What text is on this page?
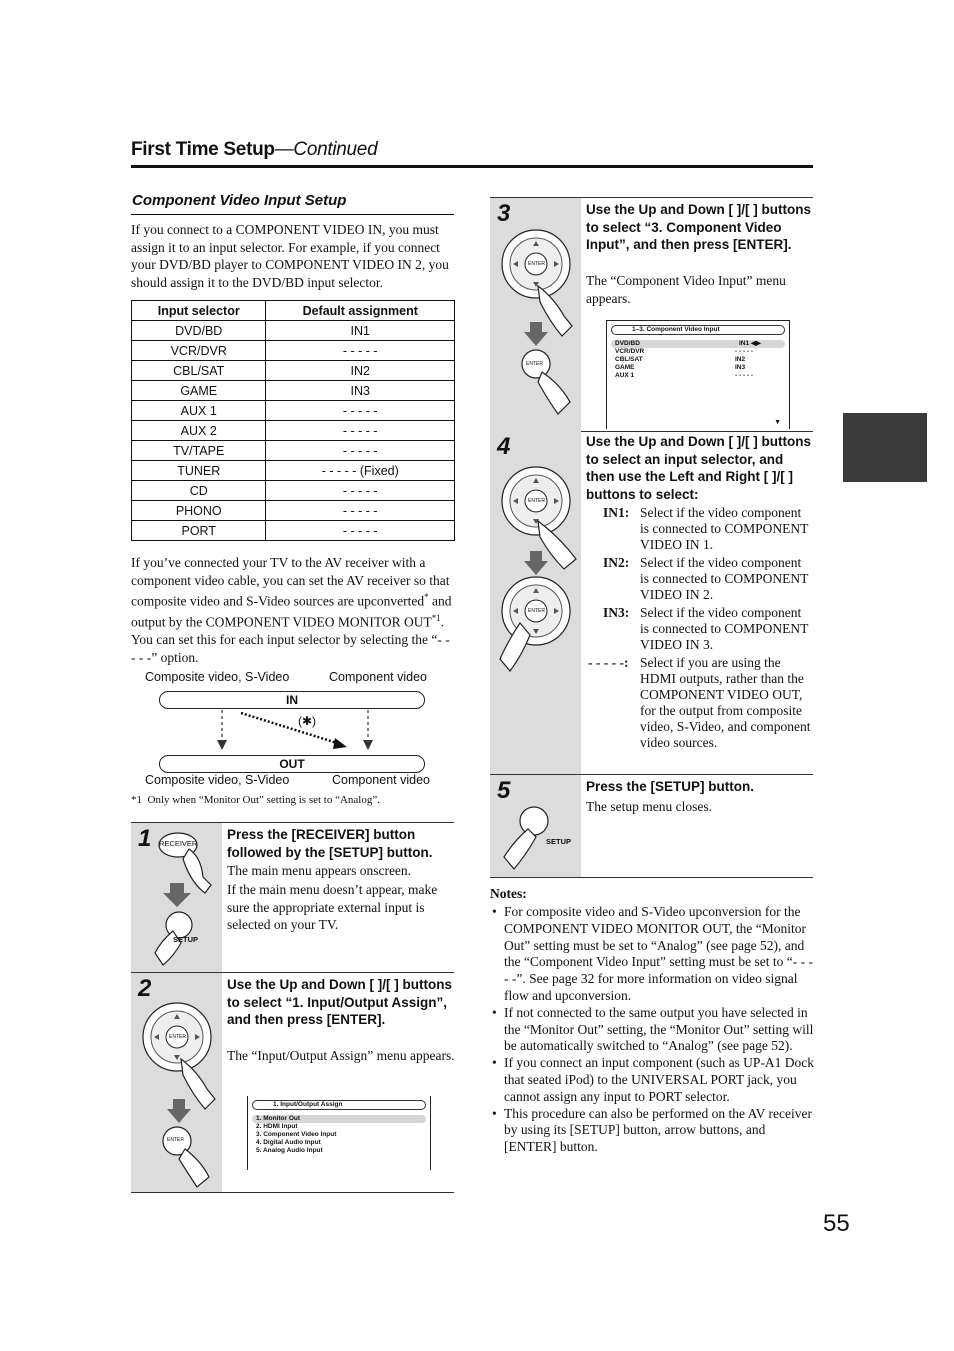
First Time Setup—Continued
55
Component Video Input Setup
If you connect to a COMPONENT VIDEO IN, you must assign it to an input selector. For example, if you connect your DVD/BD player to COMPONENT VIDEO IN 2, you should assign it to the DVD/BD input selector.
Input selector	Default assignment
DVD/BD	IN1
VCR/DVR	- - - - -
CBL/SAT	IN2
GAME	IN3
AUX 1	- - - - -
AUX 2	- - - - -
TV/TAPE	- - - - -
TUNER	- - - - - (Fixed)
CD	- - - - -
PHONO	- - - - -
PORT	- - - - -
If you’ve connected your TV to the AV receiver with a component video cable, you can set the AV receiver so that composite video and S-Video sources are upconverted* and output by the COMPONENT VIDEO MONITOR OUT$^{*1}$. You can set this for each input selector by selecting the “- - - - -” option.
Composite video, S-Video	Component video
IN
(✱)
OUT
Composite video, S-Video	Component video
*1 Only when “Monitor Out” setting is set to “Analog”.
1 RECEIVER
SETUP
Press the [RECEIVER] button followed by the [SETUP] button.
The main menu appears onscreen.
If the main menu doesn’t appear, make sure the appropriate external input is selected on your TV.
2
ENTER
ENTER
Use the Up and Down [ ]/[ ] buttons to select “1. Input/Output Assign”, and then press [ENTER].
The “Input/Output Assign” menu appears.
1. Input/Output Assign
1. Monitor Out
2. HDMI Input
3. Component Video Input
4. Digital Audio Input
5. Analog Audio Input
3
ENTER
ENTER
Use the Up and Down [ ]/[ ] buttons to select “3. Component Video Input”, and then press [ENTER].
The “Component Video Input” menu appears.
1–3. Component Video Input
DVD/BD	IN1 ◀▶
VCR/DVR	- - - - -
CBL/SAT	IN2
GAME	IN3
AUX 1	- - - - -
▼
4
ENTER
ENTER
Use the Up and Down [ ]/[ ] buttons to select an input selector, and then use the Left and Right [ ]/[ ] buttons to select:
IN1: Select if the video component is connected to COMPONENT VIDEO IN 1.
IN2: Select if the video component is connected to COMPONENT VIDEO IN 2.
IN3: Select if the video component is connected to COMPONENT VIDEO IN 3.
- - - - -: Select if you are using the HDMI outputs, rather than the COMPONENT VIDEO OUT, for the output from composite video, S-Video, and component video sources.
5
SETUP
Press the [SETUP] button.
The setup menu closes.
Notes:
• For composite video and S-Video upconversion for the COMPONENT VIDEO MONITOR OUT, the “Monitor Out” setting must be set to “Analog” (see page 52), and the “Component Video Input” setting must be set to “- - - - -”. See page 32 for more information on video signal flow and upconversion.
• If not connected to the same output you have selected in the “Monitor Out” setting, the “Monitor Out” setting will be automatically switched to “Analog” (see page 52).
• If you connect an input component (such as UP-A1 Dock that seated iPod) to the UNIVERSAL PORT jack, you cannot assign any input to PORT selector.
• This procedure can also be performed on the AV receiver by using its [SETUP] button, arrow buttons, and [ENTER] button.
